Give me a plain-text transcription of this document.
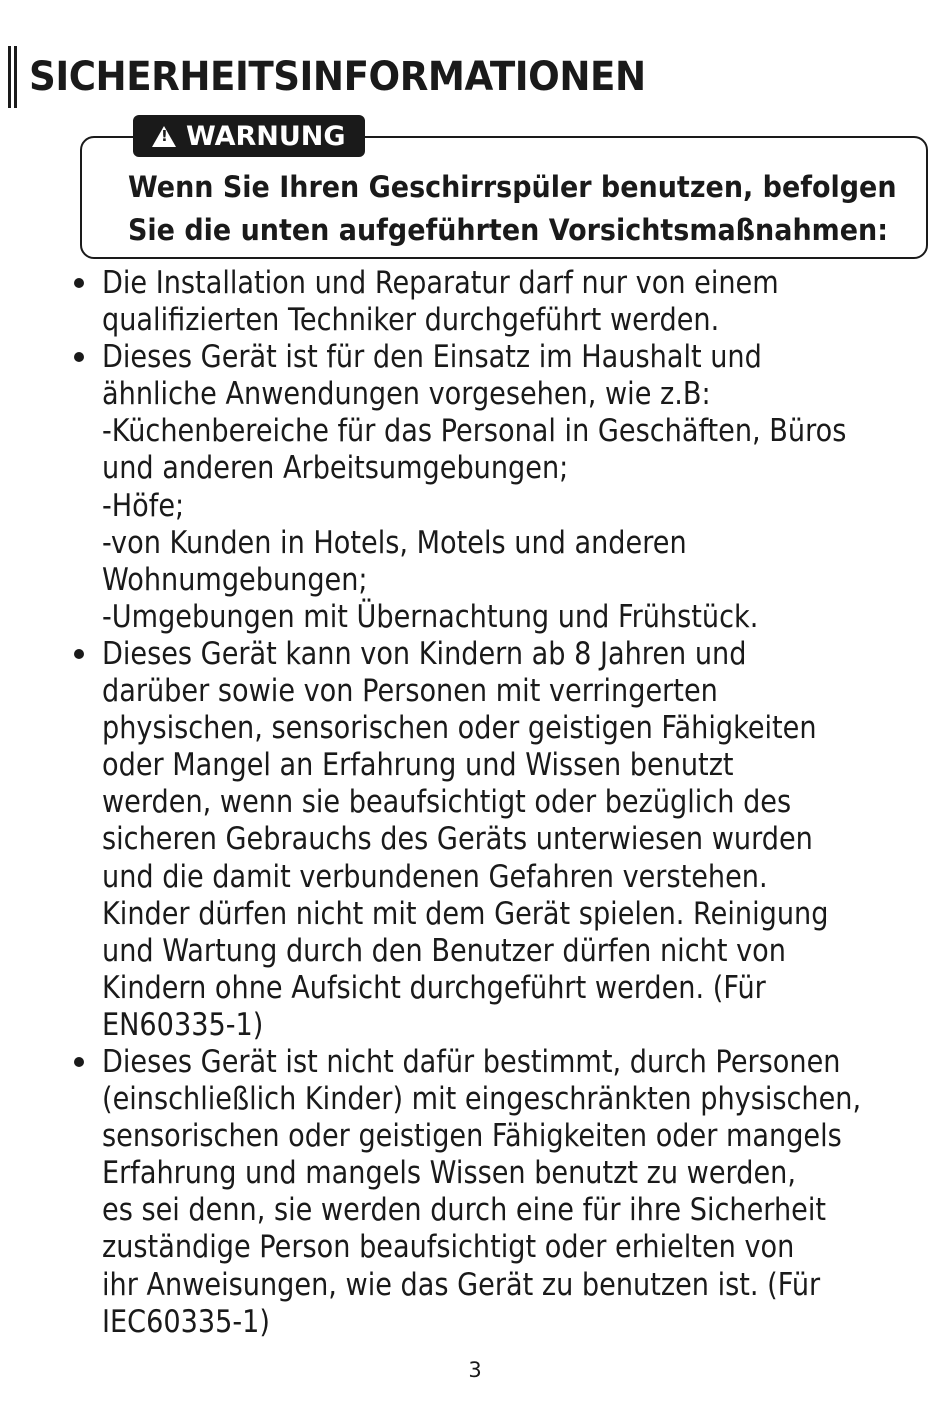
SICHERHEITSINFORMATIONEN
!
WARNUNG
Wenn Sie Ihren Geschirrspüler benutzen, befolgen
Sie die unten aufgeführten Vorsichtsmaßnahmen:
Die Installation und Reparatur darf nur von einem
qualifizierten Techniker durchgeführt werden.
Dieses Gerät ist für den Einsatz im Haushalt und
ähnliche Anwendungen vorgesehen, wie z.B:
-Küchenbereiche für das Personal in Geschäften, Büros
und anderen Arbeitsumgebungen;
-Höfe;
-von Kunden in Hotels, Motels und anderen
Wohnumgebungen;
-Umgebungen mit Übernachtung und Frühstück.
Dieses Gerät kann von Kindern ab 8 Jahren und
darüber sowie von Personen mit verringerten
physischen, sensorischen oder geistigen Fähigkeiten
oder Mangel an Erfahrung und Wissen benutzt
werden, wenn sie beaufsichtigt oder bezüglich des
sicheren Gebrauchs des Geräts unterwiesen wurden
und die damit verbundenen Gefahren verstehen.
Kinder dürfen nicht mit dem Gerät spielen. Reinigung
und Wartung durch den Benutzer dürfen nicht von
Kindern ohne Aufsicht durchgeführt werden. (Für
EN60335-1)
Dieses Gerät ist nicht dafür bestimmt, durch Personen
(einschließlich Kinder) mit eingeschränkten physischen,
sensorischen oder geistigen Fähigkeiten oder mangels
Erfahrung und mangels Wissen benutzt zu werden,
es sei denn, sie werden durch eine für ihre Sicherheit
zuständige Person beaufsichtigt oder erhielten von
ihr Anweisungen, wie das Gerät zu benutzen ist. (Für
IEC60335-1)
3
